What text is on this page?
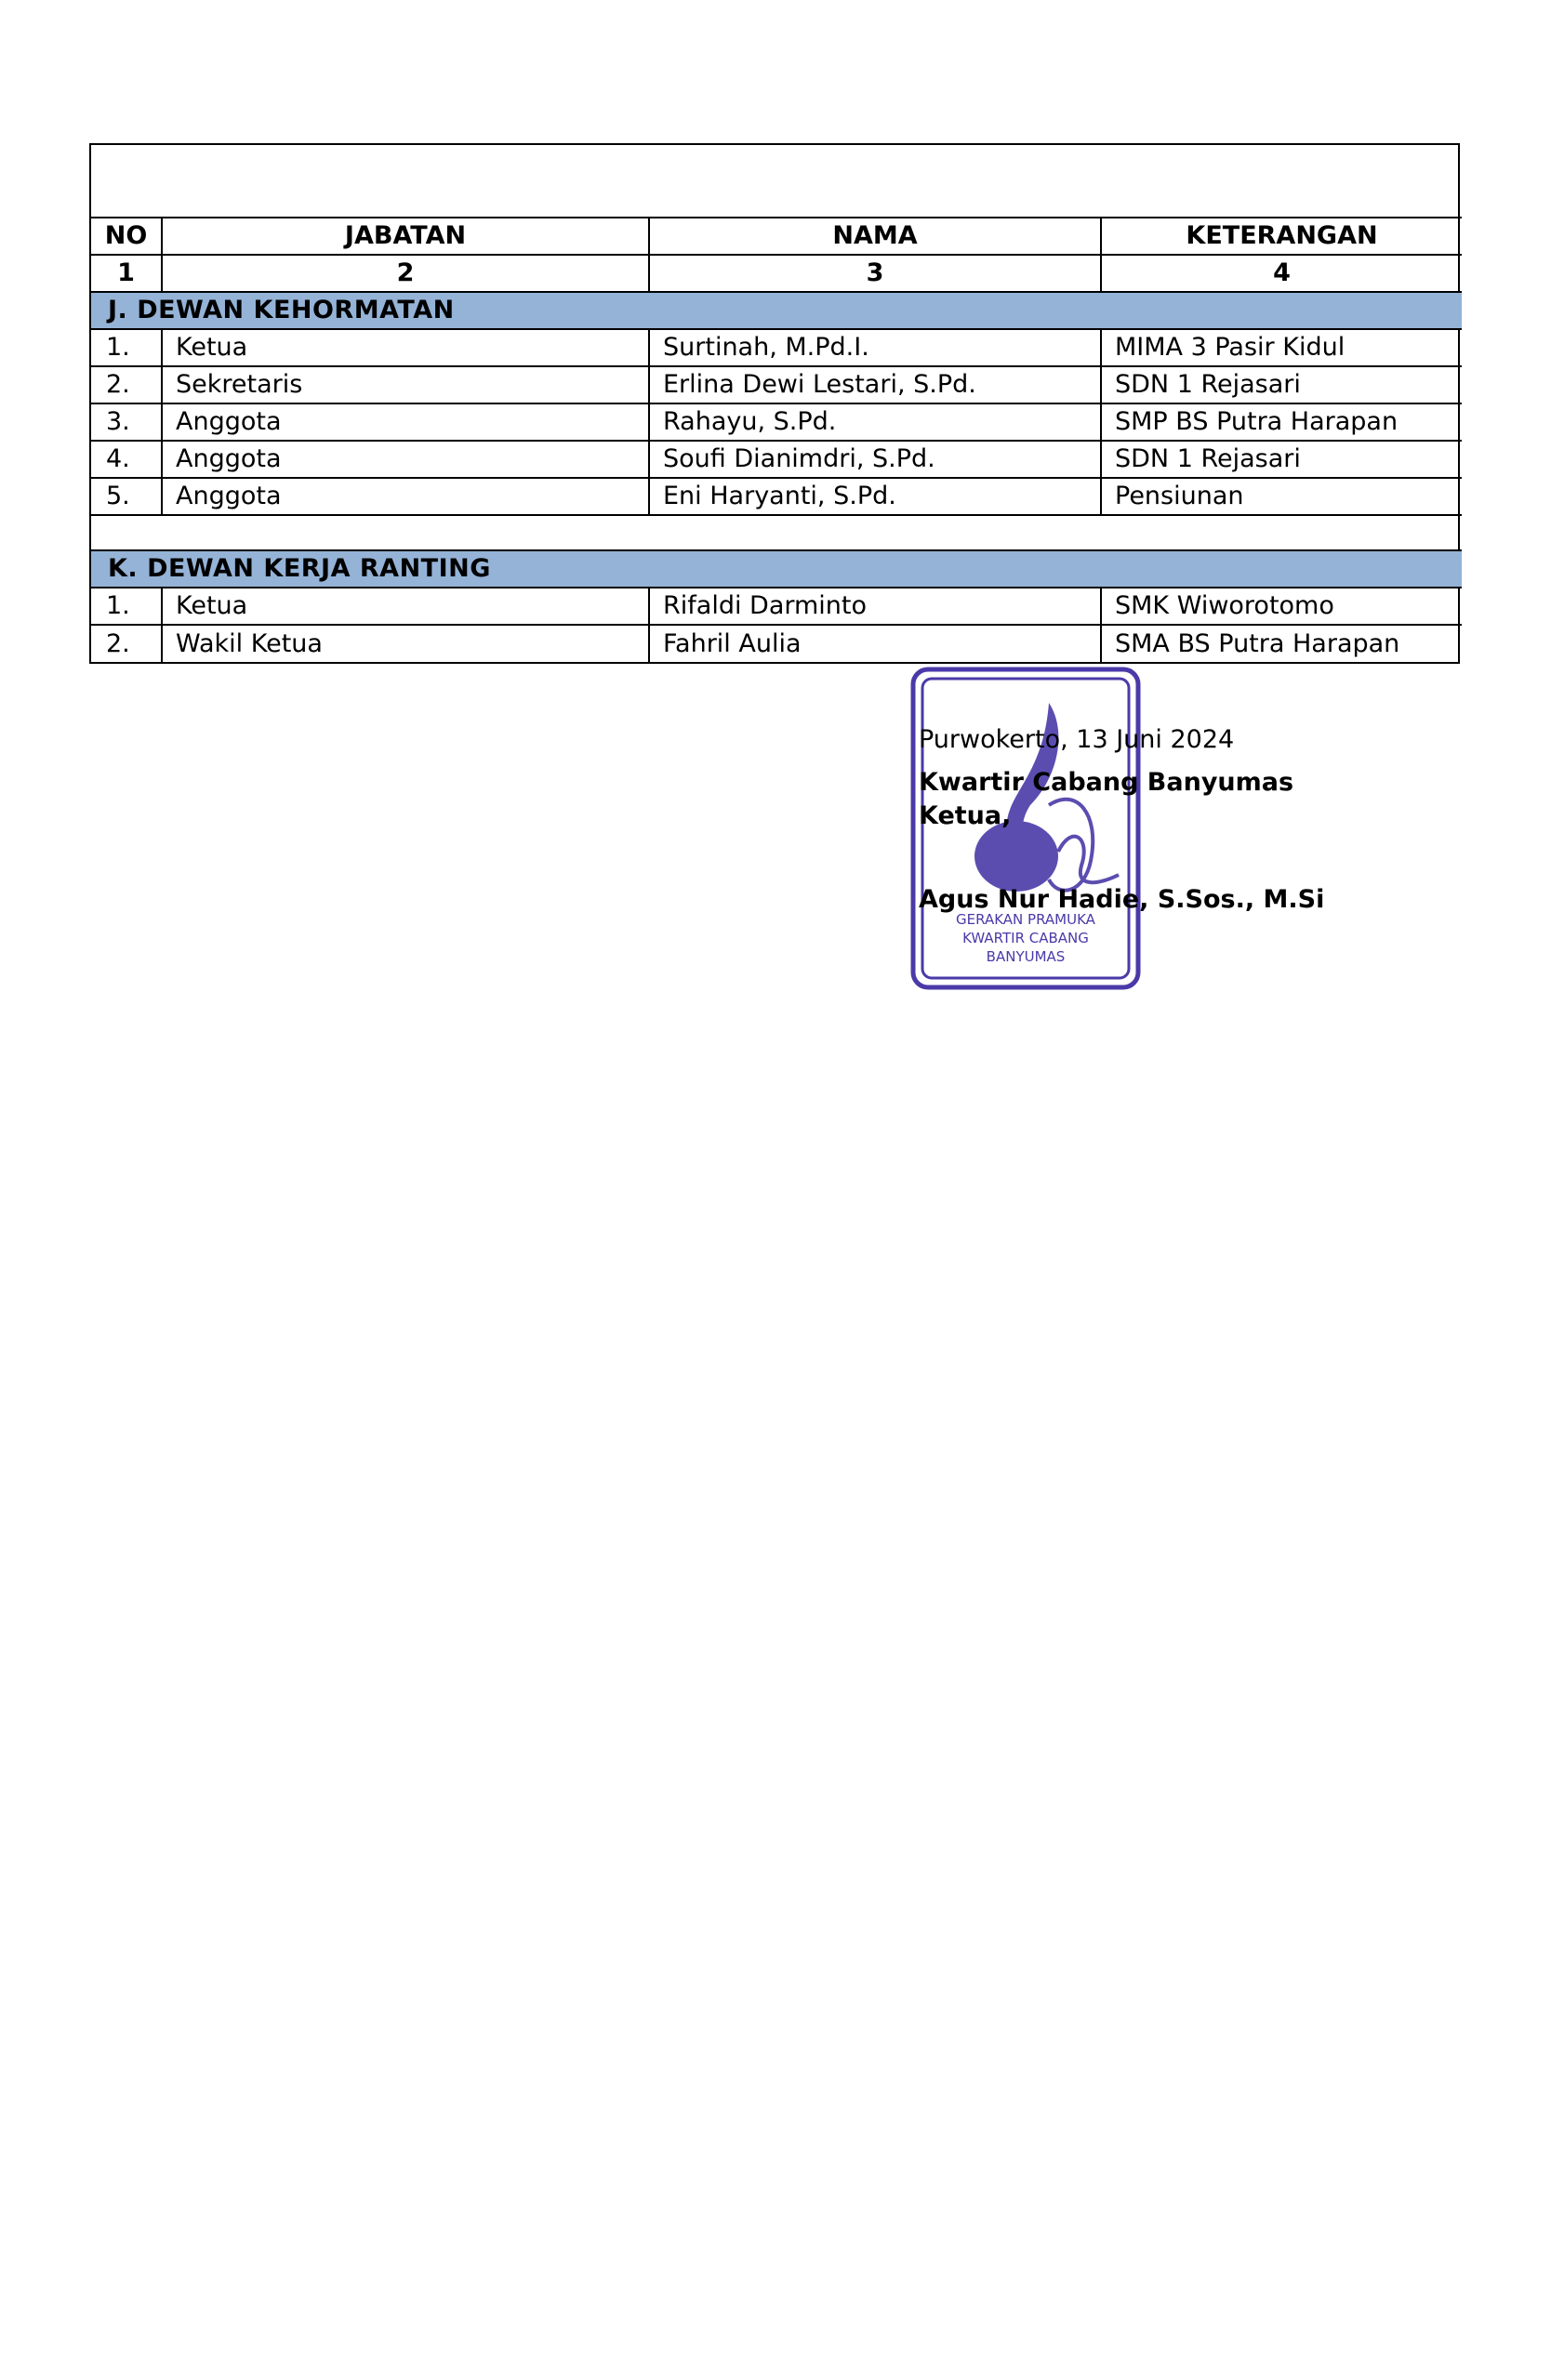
NO	JABATAN	NAMA	KETERANGAN
1	2	3	4
J. DEWAN KEHORMATAN			
1.	Ketua	Surtinah, M.Pd.I.	MIMA 3 Pasir Kidul
2.	Sekretaris	Erlina Dewi Lestari, S.Pd.	SDN 1 Rejasari
3.	Anggota	Rahayu, S.Pd.	SMP BS Putra Harapan
4.	Anggota	Soufi Dianimdri, S.Pd.	SDN 1 Rejasari
5.	Anggota	Eni Haryanti, S.Pd.	Pensiunan

K. DEWAN KERJA RANTING			
1.	Ketua	Rifaldi Darminto	SMK Wiworotomo
2.	Wakil Ketua	Fahril Aulia	SMA BS Putra Harapan
GERAKAN PRAMUKA
KWARTIR CABANG
BANYUMAS
Purwokerto, 13 Juni 2024
Kwartir Cabang Banyumas
Ketua,
Agus Nur Hadie, S.Sos., M.Si
